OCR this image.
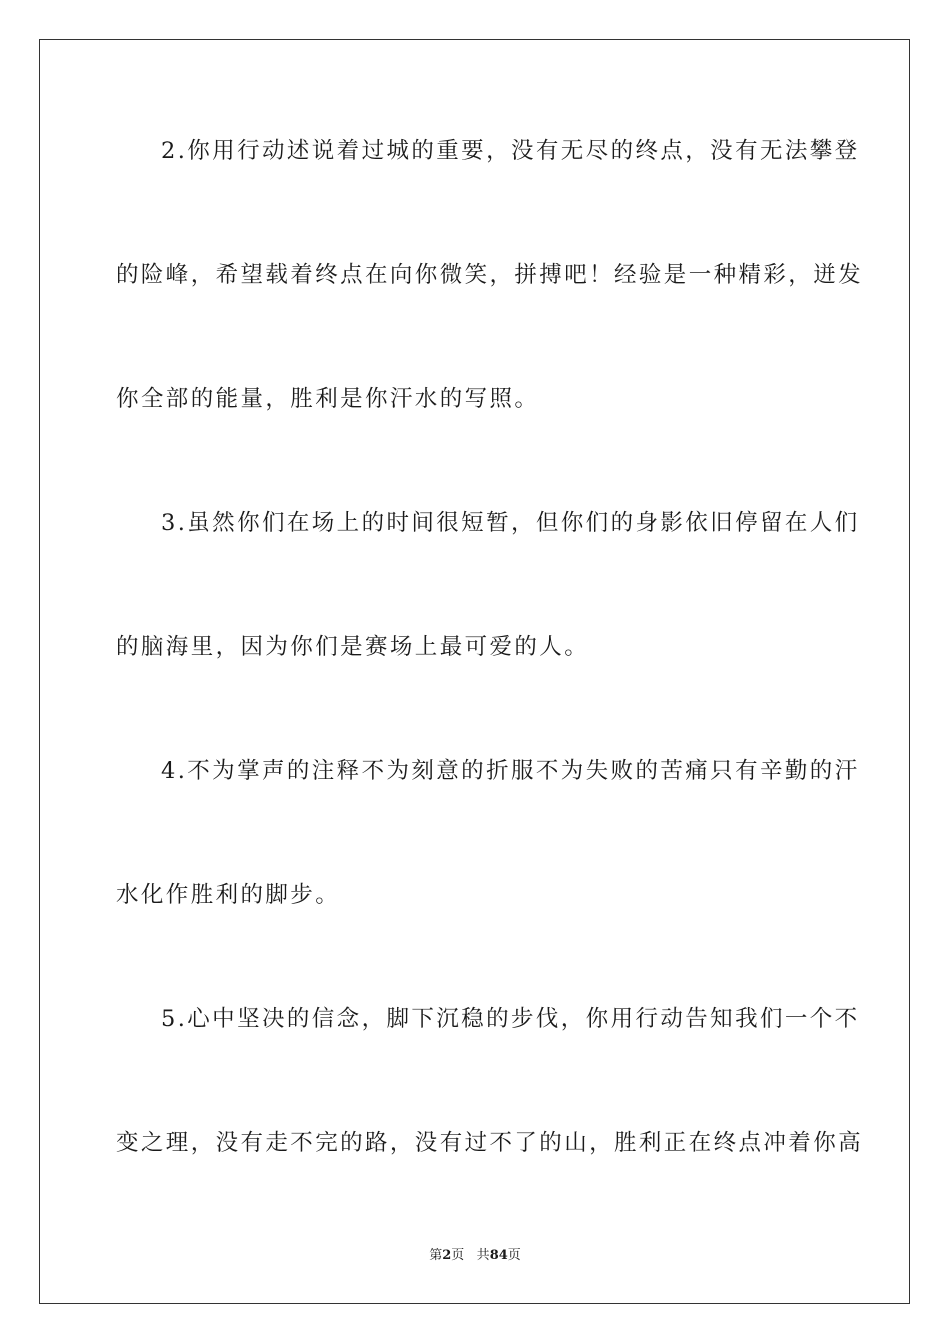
2.你用行动述说着过城的重要，没有无尽的终点，没有无法攀登
的险峰，希望载着终点在向你微笑，拼搏吧！经验是一种精彩，迸发
你全部的能量，胜利是你汗水的写照。
3.虽然你们在场上的时间很短暂，但你们的身影依旧停留在人们
的脑海里，因为你们是赛场上最可爱的人。
4.不为掌声的注释不为刻意的折服不为失败的苦痛只有辛勤的汗
水化作胜利的脚步。
5.心中坚决的信念，脚下沉稳的步伐，你用行动告知我们一个不
变之理，没有走不完的路，没有过不了的山，胜利正在终点冲着你高
第2页 共84页
